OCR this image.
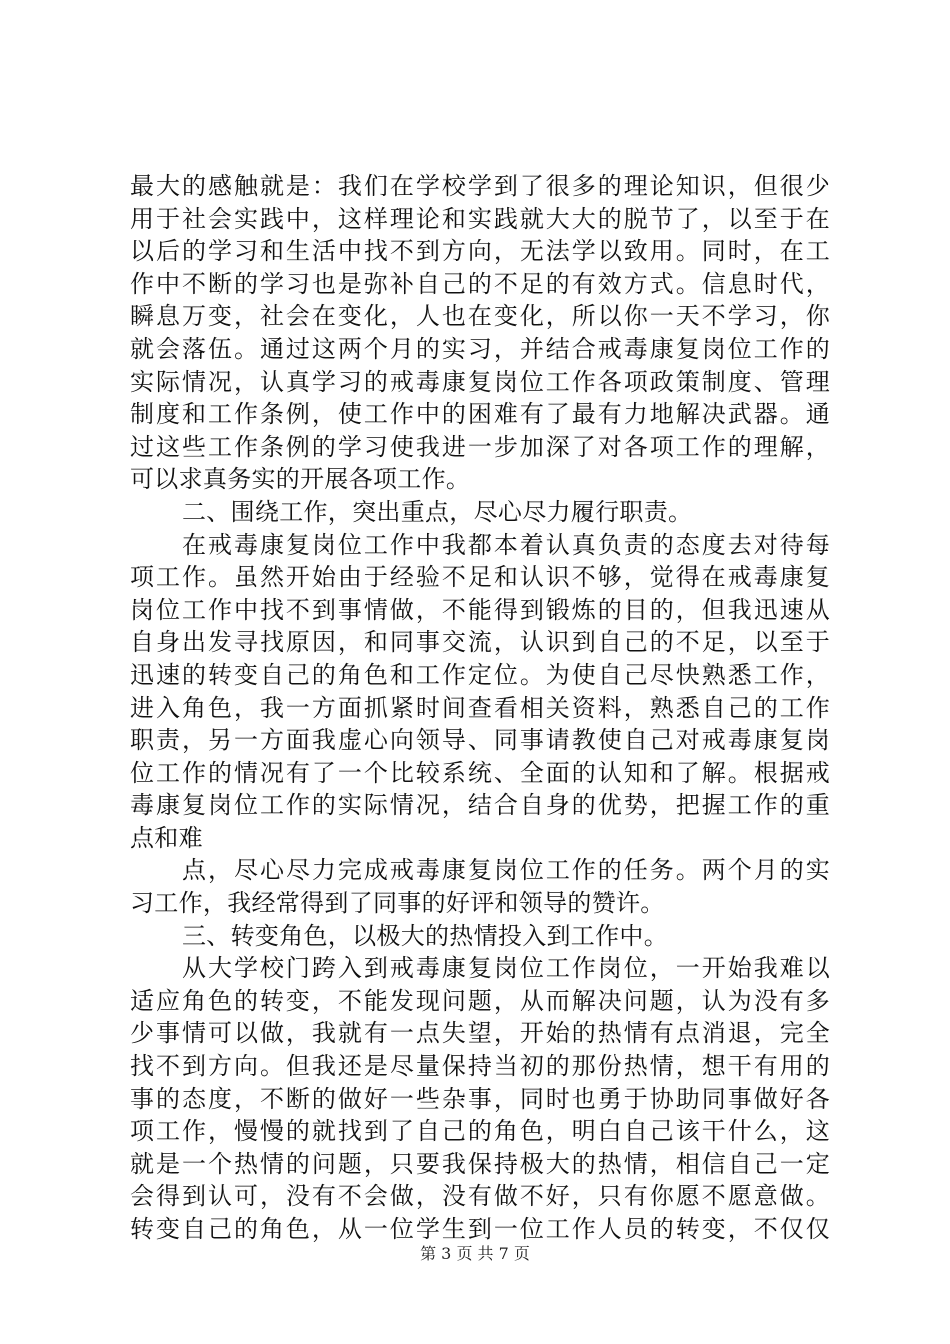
最大的感触就是：我们在学校学到了很多的理论知识，但很少
用于社会实践中，这样理论和实践就大大的脱节了，以至于在
以后的学习和生活中找不到方向，无法学以致用。同时，在工
作中不断的学习也是弥补自己的不足的有效方式。信息时代，
瞬息万变，社会在变化，人也在变化，所以你一天不学习，你
就会落伍。通过这两个月的实习，并结合戒毒康复岗位工作的
实际情况，认真学习的戒毒康复岗位工作各项政策制度、管理
制度和工作条例，使工作中的困难有了最有力地解决武器。通
过这些工作条例的学习使我进一步加深了对各项工作的理解，
可以求真务实的开展各项工作。
二、围绕工作，突出重点，尽心尽力履行职责。
在戒毒康复岗位工作中我都本着认真负责的态度去对待每
项工作。虽然开始由于经验不足和认识不够，觉得在戒毒康复
岗位工作中找不到事情做，不能得到锻炼的目的，但我迅速从
自身出发寻找原因，和同事交流，认识到自己的不足，以至于
迅速的转变自己的角色和工作定位。为使自己尽快熟悉工作，
进入角色，我一方面抓紧时间查看相关资料，熟悉自己的工作
职责，另一方面我虚心向领导、同事请教使自己对戒毒康复岗
位工作的情况有了一个比较系统、全面的认知和了解。根据戒
毒康复岗位工作的实际情况，结合自身的优势，把握工作的重
点和难
点，尽心尽力完成戒毒康复岗位工作的任务。两个月的实
习工作，我经常得到了同事的好评和领导的赞许。
三、转变角色，以极大的热情投入到工作中。
从大学校门跨入到戒毒康复岗位工作岗位，一开始我难以
适应角色的转变，不能发现问题，从而解决问题，认为没有多
少事情可以做，我就有一点失望，开始的热情有点消退，完全
找不到方向。但我还是尽量保持当初的那份热情，想干有用的
事的态度，不断的做好一些杂事，同时也勇于协助同事做好各
项工作，慢慢的就找到了自己的角色，明白自己该干什么，这
就是一个热情的问题，只要我保持极大的热情，相信自己一定
会得到认可，没有不会做，没有做不好，只有你愿不愿意做。
转变自己的角色，从一位学生到一位工作人员的转变，不仅仅
第 3 页 共 7 页
